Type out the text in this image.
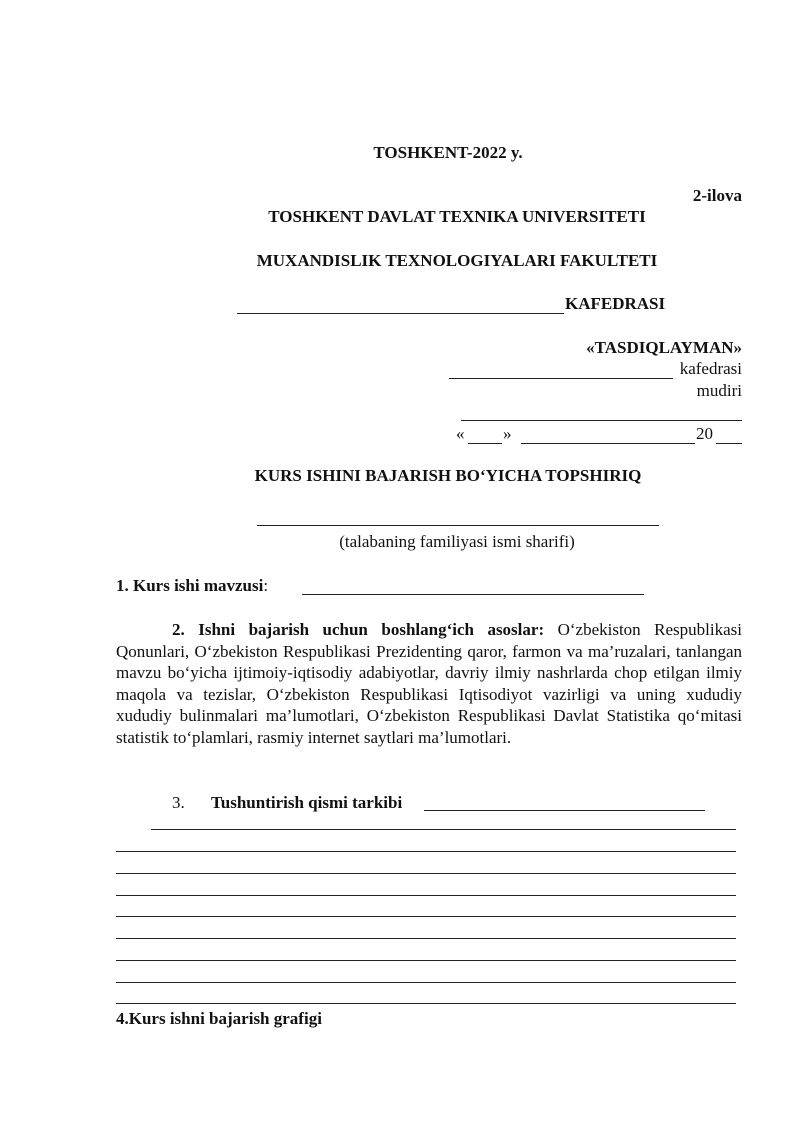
TOSHKENT-2022 y.
2-ilova
TOSHKENT DAVLAT TEXNIKA UNIVERSITETI
MUXANDISLIK TEXNOLOGIYALARI FAKULTETI
KAFEDRASI
«TASDIQLAYMAN»
kafedrasi
mudiri
« »	20
KURS ISHINI BAJARISH BO‘YICHA TOPSHIRIQ
(talabaning familiyasi ismi sharifi)
1. Kurs ishi mavzusi:
2. Ishni bajarish uchun boshlang‘ich asoslar: O‘zbekiston Respublikasi Qonunlari, O‘zbekiston Respublikasi Prezidenting qaror, farmon va ma’ruzalari, tanlangan mavzu bo‘yicha ijtimoiy-iqtisodiy adabiyotlar, davriy ilmiy nashrlarda chop etilgan ilmiy maqola va tezislar, O‘zbekiston Respublikasi Iqtisodiyot vazirligi va uning xududiy xududiy bulinmalari ma’lumotlari, O‘zbekiston Respublikasi Davlat Statistika qo‘mitasi statistik to‘plamlari, rasmiy internet saytlari ma’lumotlari.
3. Tushuntirish qismi tarkibi
4.Kurs ishni bajarish grafigi
